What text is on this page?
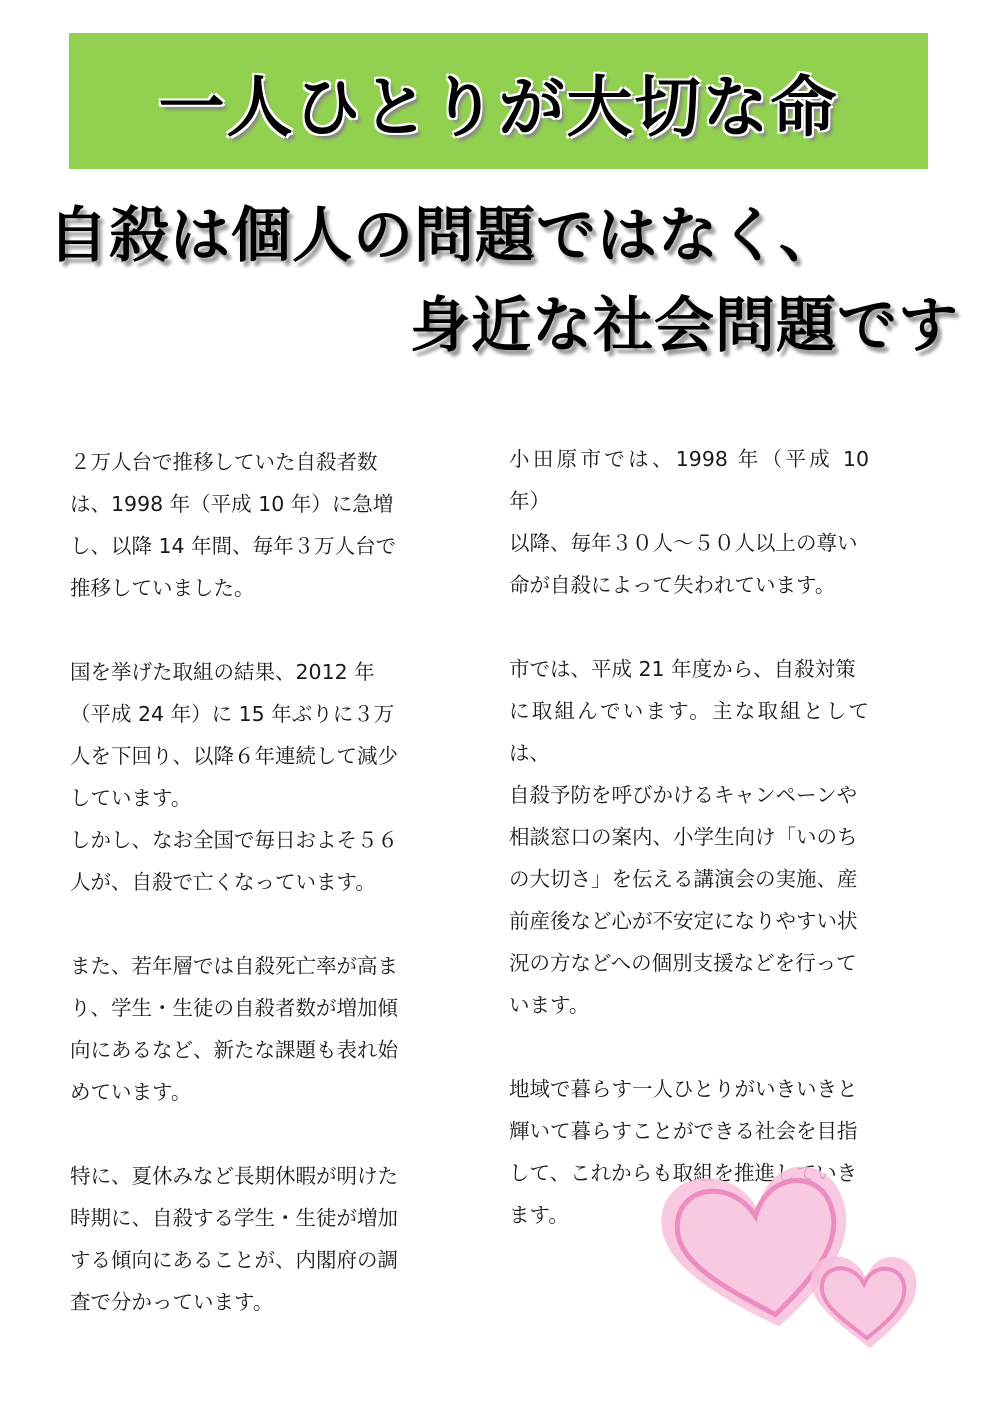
一人ひとりが大切な命
自殺は個人の問題ではなく、
身近な社会問題です

２万人台で推移していた自殺者数
は、1998 年（平成 10 年）に急増
し、以降 14 年間、毎年３万人台で
推移していました。

国を挙げた取組の結果、2012 年
（平成 24 年）に 15 年ぶりに３万
人を下回り、以降６年連続して減少
しています。
しかし、なお全国で毎日およそ５６
人が、自殺で亡くなっています。

また、若年層では自殺死亡率が高ま
り、学生・生徒の自殺者数が増加傾
向にあるなど、新たな課題も表れ始
めています。

特に、夏休みなど長期休暇が明けた
時期に、自殺する学生・生徒が増加
する傾向にあることが、内閣府の調
査で分かっています。

小田原市では、1998 年（平成 10 年）
以降、毎年３０人～５０人以上の尊い
命が自殺によって失われています。

市では、平成 21 年度から、自殺対策
に取組んでいます。主な取組としては、
自殺予防を呼びかけるキャンペーンや
相談窓口の案内、小学生向け「いのち
の大切さ」を伝える講演会の実施、産
前産後など心が不安定になりやすい状
況の方などへの個別支援などを行って
います。

地域で暮らす一人ひとりがいきいきと
輝いて暮らすことができる社会を目指
して、これからも取組を推進していき
ます。
